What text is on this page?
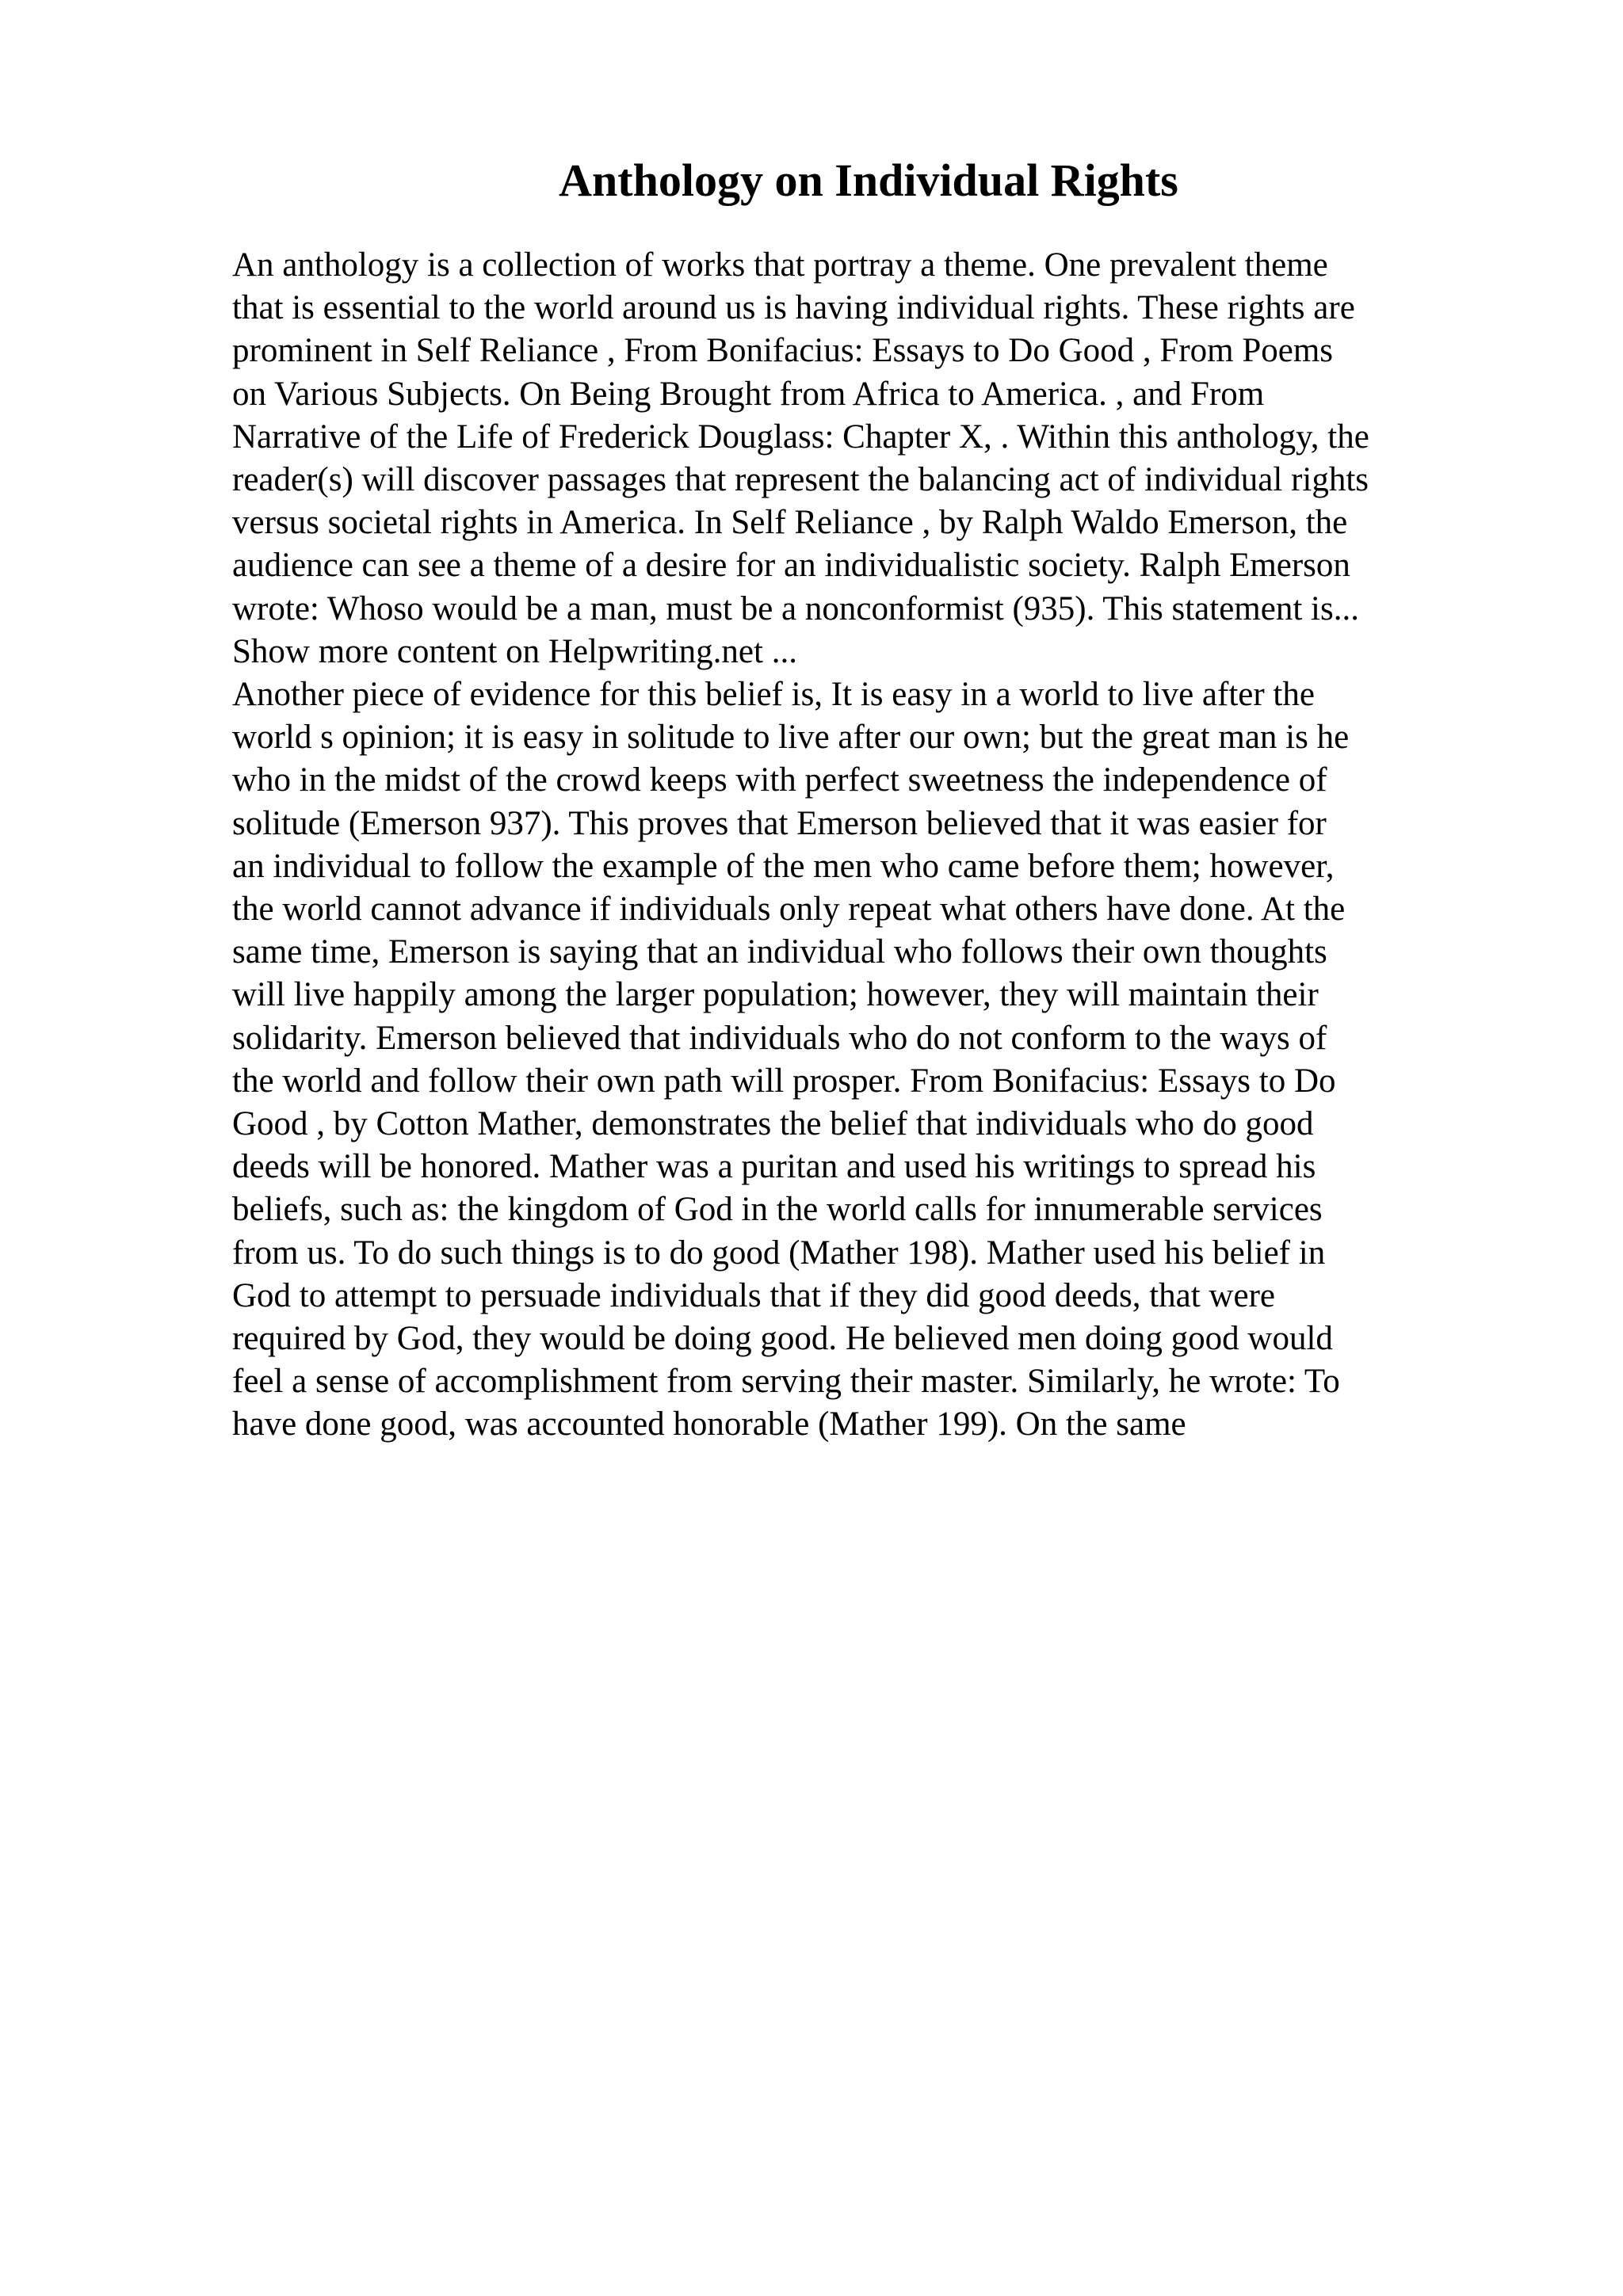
Anthology on Individual Rights
An anthology is a collection of works that portray a theme. One prevalent theme
that is essential to the world around us is having individual rights. These rights are
prominent in Self Reliance , From Bonifacius: Essays to Do Good , From Poems
on Various Subjects. On Being Brought from Africa to America. , and From
Narrative of the Life of Frederick Douglass: Chapter X, . Within this anthology, the
reader(s) will discover passages that represent the balancing act of individual rights
versus societal rights in America. In Self Reliance , by Ralph Waldo Emerson, the
audience can see a theme of a desire for an individualistic society. Ralph Emerson
wrote: Whoso would be a man, must be a nonconformist (935). This statement is...
Show more content on Helpwriting.net ...
Another piece of evidence for this belief is, It is easy in a world to live after the
world s opinion; it is easy in solitude to live after our own; but the great man is he
who in the midst of the crowd keeps with perfect sweetness the independence of
solitude (Emerson 937). This proves that Emerson believed that it was easier for
an individual to follow the example of the men who came before them; however,
the world cannot advance if individuals only repeat what others have done. At the
same time, Emerson is saying that an individual who follows their own thoughts
will live happily among the larger population; however, they will maintain their
solidarity. Emerson believed that individuals who do not conform to the ways of
the world and follow their own path will prosper. From Bonifacius: Essays to Do
Good , by Cotton Mather, demonstrates the belief that individuals who do good
deeds will be honored. Mather was a puritan and used his writings to spread his
beliefs, such as: the kingdom of God in the world calls for innumerable services
from us. To do such things is to do good (Mather 198). Mather used his belief in
God to attempt to persuade individuals that if they did good deeds, that were
required by God, they would be doing good. He believed men doing good would
feel a sense of accomplishment from serving their master. Similarly, he wrote: To
have done good, was accounted honorable (Mather 199). On the same
